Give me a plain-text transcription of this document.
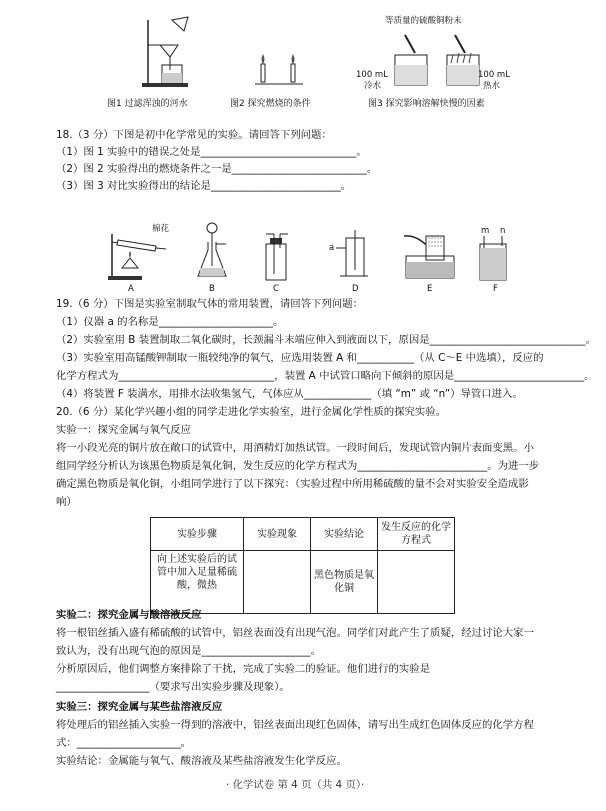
图1 过滤浑浊的河水	图2 探究燃烧的条件
等质量的硫酸铜粉末
100 mL
冷水
100 mL
热水
图3 探究影响溶解快慢的因素
18.（3 分）下图是初中化学常见的实验。请回答下列问题：
（1）图 1 实验中的错误之处是______________________________。
（2）图 2 实验得出的燃烧条件之一是__________________________。
（3）图 3 对比实验得出的结论是_________________________。
棉花
a
m n
A	B	C	D	E	F
19.（6 分）下图是实验室制取气体的常用装置，请回答下列问题：
（1）仪器 a 的名称是______________________。
（2）实验室用 B 装置制取二氧化碳时，长颈漏斗末端应伸入到液面以下，原因是______________________________。
（3）实验室用高锰酸钾制取一瓶较纯净的氧气，应选用装置 A 和___________（从 C～E 中选填），反应的
化学方程式为______________________________，装置 A 中试管口略向下倾斜的原因是_________________________。
（4）将装置 F 装满水，用排水法收集氢气，气体应从_____________（填 “m” 或 “n”）导管口进入。
20.（6 分）某化学兴趣小组的同学走进化学实验室，进行金属化学性质的探究实验。
实验一：探究金属与氧气反应
将一小段光亮的铜片放在敞口的试管中，用酒精灯加热试管。一段时间后，发现试管内铜片表面变黑。小
组同学经分析认为该黑色物质是氧化铜，发生反应的化学方程式为_________________________。为进一步
确定黑色物质是氧化铜，小组同学进行了以下探究：（实验过程中所用稀硫酸的量不会对实验安全造成影
响）
实验步骤	实验现象	实验结论	发生反应的化学方程式
向上述实验后的试管中加入足量稀硫酸，微热		黑色物质是氧化铜	
实验二：探究金属与酸溶液反应
将一根铝丝插入盛有稀硫酸的试管中，铝丝表面没有出现气泡。同学们对此产生了质疑，经过讨论大家一
致认为，没有出现气泡的原因是_____________________。
分析原因后，他们调整方案排除了干扰，完成了实验二的验证。他们进行的实验是
__________________（要求写出实验步骤及现象）。
实验三：探究金属与某些盐溶液反应
将处理后的铝丝插入实验一得到的溶液中，铝丝表面出现红色固体，请写出生成红色固体反应的化学方程
式：____________________。
实验结论：金属能与氧气、酸溶液及某些盐溶液发生化学反应。
· 化学试卷 第 4 页（共 4 页）·
